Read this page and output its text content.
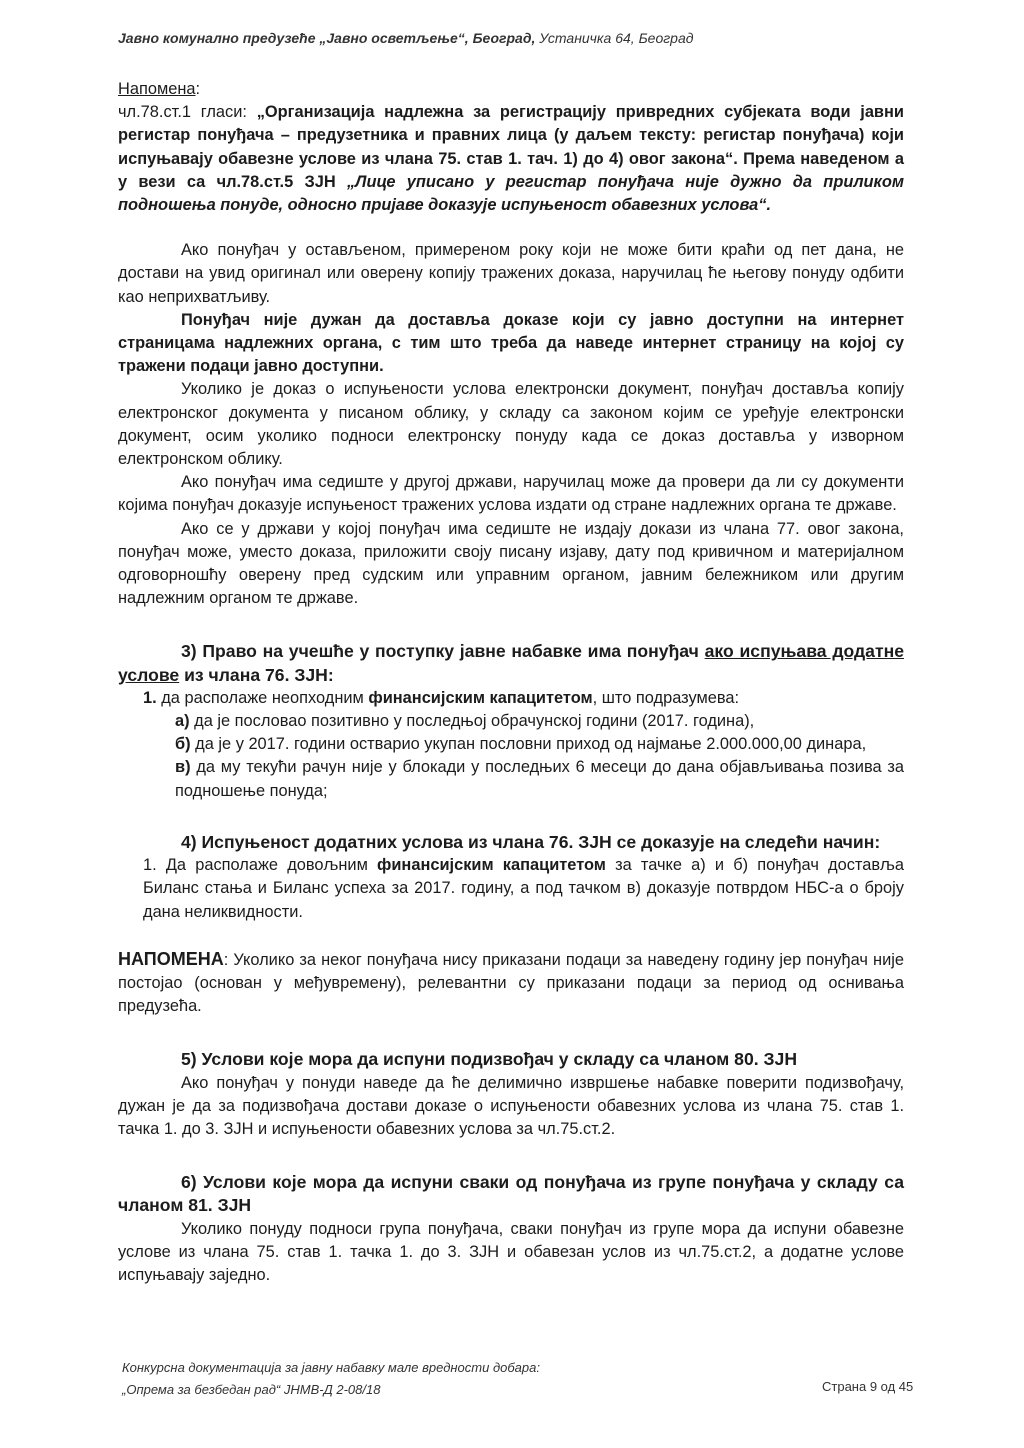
Јавно комунално предузеће „Јавно осветљење“, Београд, Устаничка 64, Београд

Напомена:

чл.78.ст.1 гласи: „Организација надлежна за регистрацију привредних субјеката води јавни регистар понуђача – предузетника и правних лица (у даљем тексту: регистар понуђача) који испуњавају обавезне услове из члана 75. став 1. тач. 1) до 4) овог закона“. Према наведеном а у вези са чл.78.ст.5 ЗЈН „Лице уписано у регистар понуђача није дужно да приликом подношења понуде, односно пријаве доказује испуњеност обавезних услова“.

Ако понуђач у остављеном, примереном року који не може бити краћи од пет дана, не достави на увид оригинал или оверену копију тражених доказа, наручилац ће његову понуду одбити као неприхватљиву.

Понуђач није дужан да доставља доказе који су јавно доступни на интернет страницама надлежних органа, с тим што треба да наведе интернет страницу на којој су тражени подаци јавно доступни.

Уколико је доказ о испуњености услова електронски документ, понуђач доставља копију електронског документа у писаном облику, у складу са законом којим се уређује електронски документ, осим уколико подноси електронску понуду када се доказ доставља у изворном електронском облику.

Ако понуђач има седиште у другој држави, наручилац може да провери да ли су документи којима понуђач доказује испуњеност тражених услова издати од стране надлежних органа те државе.

Ако се у држави у којој понуђач има седиште не издају докази из члана 77. овог закона, понуђач може, уместо доказа, приложити своју писану изјаву, дату под кривичном и материјалном одговорношћу оверену пред судским или управним органом, јавним бележником или другим надлежним органом те државе.

3) Право на учешће у поступку јавне набавке има понуђач ако испуњава додатне услове из члана 76. ЗЈН:

1. да располаже неопходним финансијским капацитетом, што подразумева:

а) да је пословао позитивно у последњој обрачунској години (2017. година),

б) да је у 2017. години остварио укупан пословни приход од најмање 2.000.000,00 динара,

в) да му текући рачун није у блокади у последњих 6 месеци до дана објављивања позива за подношење понуда;

4) Испуњеност додатних услова из члана 76. ЗЈН се доказује на следећи начин:

1. Да располаже довољним финансијским капацитетом за тачке а) и б) понуђач доставља Биланс стања и Биланс успеха за 2017. годину, а под тачком в) доказује потврдом НБС-а о броју дана неликвидности.

НАПОМЕНА: Уколико за неког понуђача нису приказани подаци за наведену годину јер понуђач није постојао (основан у међувремену), релевантни су приказани подаци за период од оснивања предузећа.

5) Услови које мора да испуни подизвођач у складу са чланом 80. ЗЈН

Ако понуђач у понуди наведе да ће делимично извршење набавке поверити подизвођачу, дужан је да за подизвођача достави доказе о испуњености обавезних услова из члана 75. став 1. тачка 1. до 3. ЗЈН и испуњености обавезних услова за чл.75.ст.2.

6) Услови које мора да испуни сваки од понуђача из групе понуђача у складу са чланом 81. ЗЈН

Уколико понуду подноси група понуђача, сваки понуђач из групе мора да испуни обавезне услове из члана 75. став 1. тачка 1. до 3. ЗЈН и обавезан услов из чл.75.ст.2, а додатне услове испуњавају заједно.

Конкурсна документација за јавну набавку мале вредности добара:
„Опрема за безбедан рад“ ЈНМВ-Д 2-08/18	Страна 9 од 45
